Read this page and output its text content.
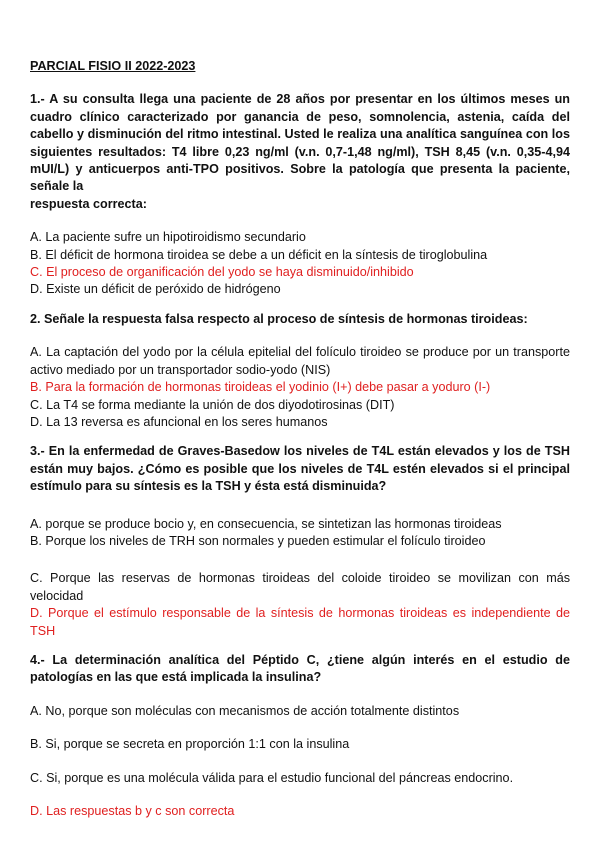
PARCIAL FISIO II 2022-2023

1.- A su consulta llega una paciente de 28 años por presentar en los últimos meses un cuadro clínico caracterizado por ganancia de peso, somnolencia, astenia, caída del cabello y disminución del ritmo intestinal. Usted le realiza una analítica sanguínea con los siguientes resultados: T4 libre 0,23 ng/ml (v.n. 0,7-1,48 ng/ml), TSH 8,45 (v.n. 0,35-4,94 mUI/L) y anticuerpos anti-TPO positivos. Sobre la patología que presenta la paciente, señale la

respuesta correcta:

A. La paciente sufre un hipotiroidismo secundario

B. El déficit de hormona tiroidea se debe a un déficit en la síntesis de tiroglobulina

C. El proceso de organificación del yodo se haya disminuido/inhibido

D. Existe un déficit de peróxido de hidrógeno

2. Señale la respuesta falsa respecto al proceso de síntesis de hormonas tiroideas:

A. La captación del yodo por la célula epitelial del folículo tiroideo se produce por un transporte activo mediado por un transportador sodio-yodo (NIS)

B. Para la formación de hormonas tiroideas el yodinio (I+) debe pasar a yoduro (I-)

C. La T4 se forma mediante la unión de dos diyodotirosinas (DIT)

D. La 13 reversa es afuncional en los seres humanos

3.- En la enfermedad de Graves-Basedow los niveles de T4L están elevados y los de TSH están muy bajos. ¿Cómo es posible que los niveles de T4L estén elevados si el principal estímulo para su síntesis es la TSH y ésta está disminuida?

A. porque se produce bocio y, en consecuencia, se sintetizan las hormonas tiroideas

B. Porque los niveles de TRH son normales y pueden estimular el folículo tiroideo

C. Porque las reservas de hormonas tiroideas del coloide tiroideo se movilizan con más velocidad

D. Porque el estímulo responsable de la síntesis de hormonas tiroideas es independiente de TSH

4.- La determinación analítica del Péptido C, ¿tiene algún interés en el estudio de patologías en las que está implicada la insulina?

A. No, porque son moléculas con mecanismos de acción totalmente distintos

B. Si, porque se secreta en proporción 1:1 con la insulina

C. Si, porque es una molécula válida para el estudio funcional del páncreas endocrino.

D. Las respuestas b y c son correcta
